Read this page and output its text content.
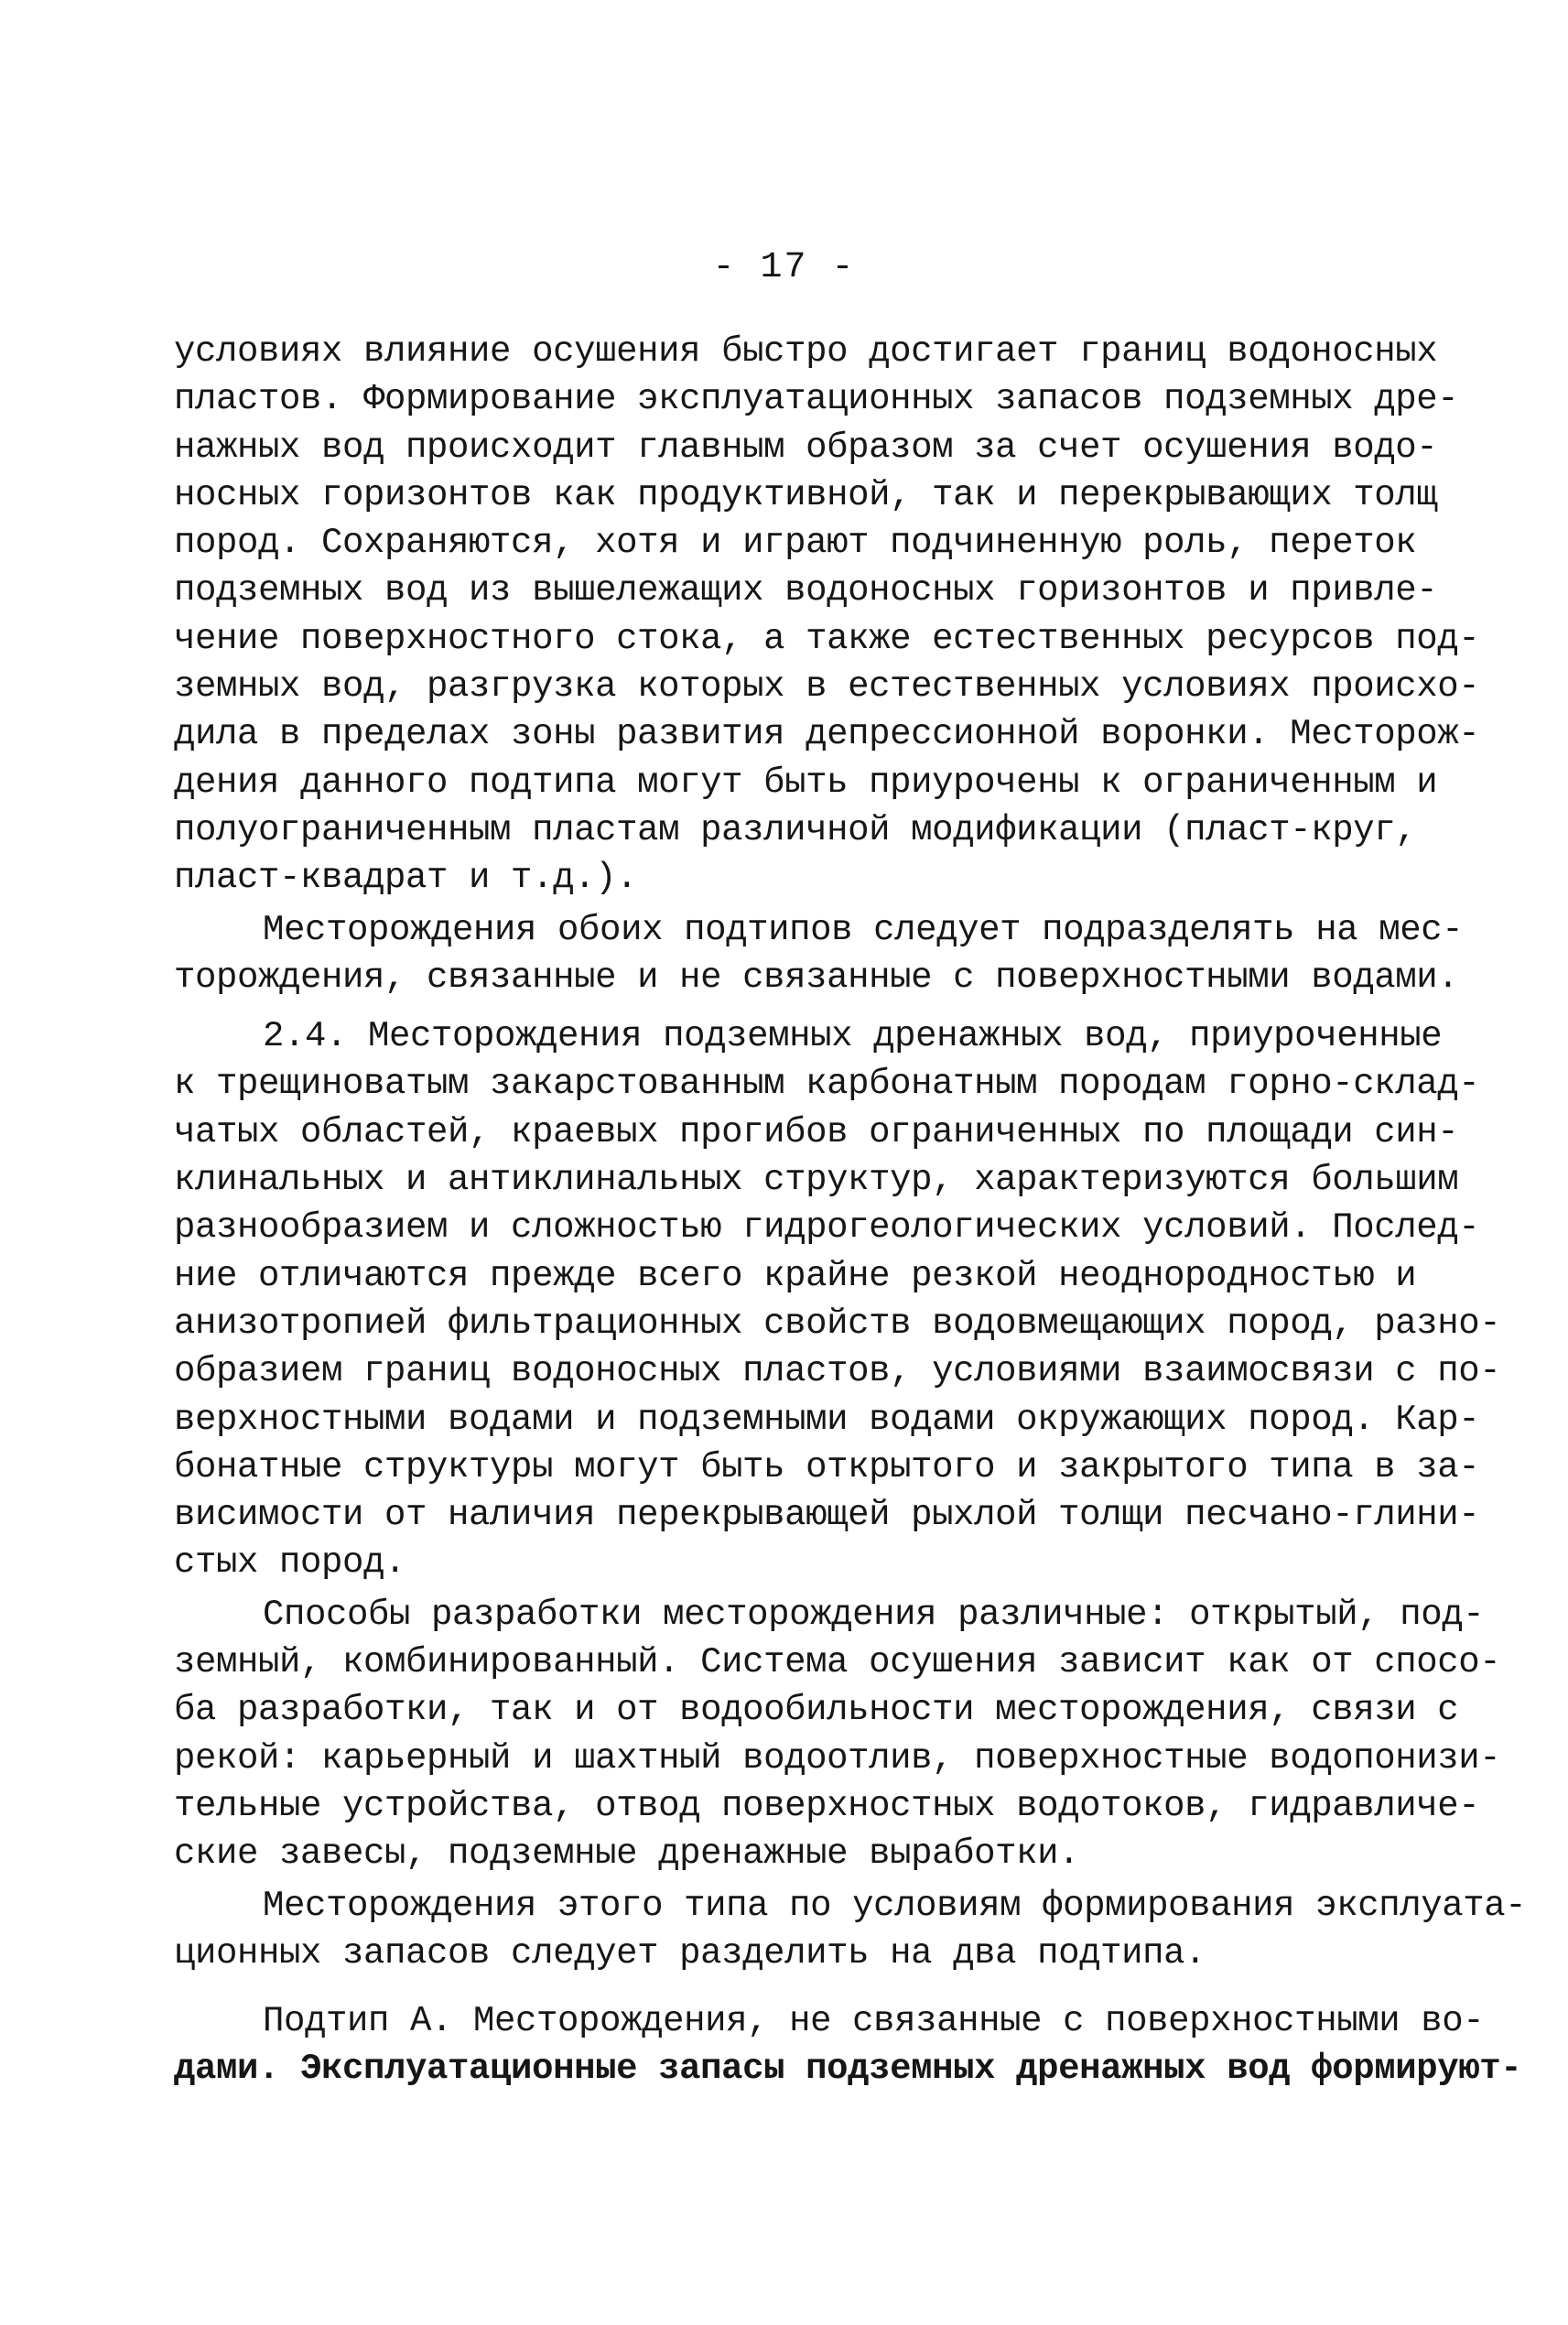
- 17 -
условиях влияние осушения быстро достигает границ водоносных
пластов. Формирование эксплуатационных запасов подземных дре-
нажных вод происходит главным образом за счет осушения водо-
носных горизонтов как продуктивной, так и перекрывающих толщ
пород. Сохраняются, хотя и играют подчиненную роль, переток
подземных вод из вышележащих водоносных горизонтов и привле-
чение поверхностного стока, а также естественных ресурсов под-
земных вод, разгрузка которых в естественных условиях происхо-
дила в пределах зоны развития депрессионной воронки. Месторож-
дения данного подтипа могут быть приурочены к ограниченным и
полуограниченным пластам различной модификации (пласт-круг,
пласт-квадрат и т.д.).
Месторождения обоих подтипов следует подразделять на мес-
торождения, связанные и не связанные с поверхностными водами.
2.4. Месторождения подземных дренажных вод, приуроченные
к трещиноватым закарстованным карбонатным породам горно-склад-
чатых областей, краевых прогибов ограниченных по площади син-
клинальных и антиклинальных структур, характеризуются большим
разнообразием и сложностью гидрогеологических условий. Послед-
ние отличаются прежде всего крайне резкой неоднородностью и
анизотропией фильтрационных свойств водовмещающих пород, разно-
образием границ водоносных пластов, условиями взаимосвязи с по-
верхностными водами и подземными водами окружающих пород. Кар-
бонатные структуры могут быть открытого и закрытого типа в за-
висимости от наличия перекрывающей рыхлой толщи песчано-глини-
стых пород.
Способы разработки месторождения различные: открытый, под-
земный, комбинированный. Система осушения зависит как от спосо-
ба разработки, так и от водообильности месторождения, связи с
рекой: карьерный и шахтный водоотлив, поверхностные водопонизи-
тельные устройства, отвод поверхностных водотоков, гидравличе-
ские завесы, подземные дренажные выработки.
Месторождения этого типа по условиям формирования эксплуата-
ционных запасов следует разделить на два подтипа.
Подтип А. Месторождения, не связанные с поверхностными во-
дами. Эксплуатационные запасы подземных дренажных вод формируют-
